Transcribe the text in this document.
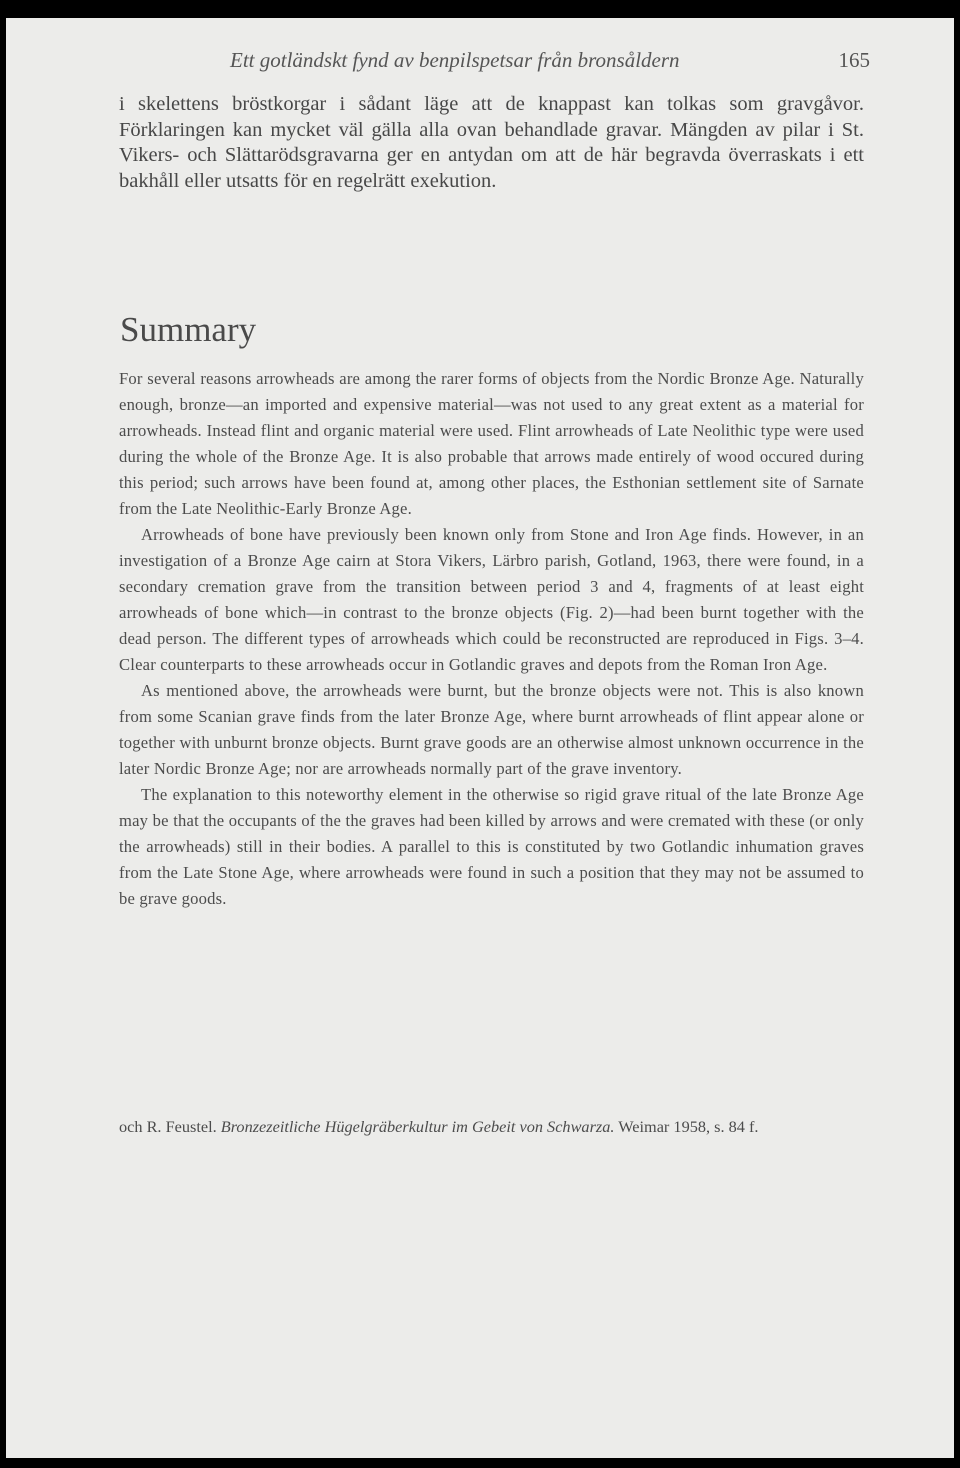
Ett gotländskt fynd av benpilspetsar från bronsåldern	165

i skelettens bröstkorgar i sådant läge att de knappast kan tolkas som gravgåvor. Förklaringen kan mycket väl gälla alla ovan behandlade gravar. Mängden av pilar i St. Vikers- och Slättarödsgravarna ger en antydan om att de här begravda överraskats i ett bakhåll eller utsatts för en regelrätt exekution.

Summary

For several reasons arrowheads are among the rarer forms of objects from the Nordic Bronze Age. Naturally enough, bronze—an imported and expensive material—was not used to any great extent as a material for arrowheads. Instead flint and organic material were used. Flint arrowheads of Late Neolithic type were used during the whole of the Bronze Age. It is also probable that arrows made entirely of wood occured during this period; such arrows have been found at, among other places, the Esthonian settlement site of Sarnate from the Late Neolithic-Early Bronze Age.

Arrowheads of bone have previously been known only from Stone and Iron Age finds. However, in an investigation of a Bronze Age cairn at Stora Vikers, Lärbro parish, Gotland, 1963, there were found, in a secondary cremation grave from the transition between period 3 and 4, fragments of at least eight arrowheads of bone which—in contrast to the bronze objects (Fig. 2)—had been burnt together with the dead person. The different types of arrowheads which could be reconstructed are reproduced in Figs. 3–4. Clear counterparts to these arrowheads occur in Gotlandic graves and depots from the Roman Iron Age.

As mentioned above, the arrowheads were burnt, but the bronze objects were not. This is also known from some Scanian grave finds from the later Bronze Age, where burnt arrowheads of flint appear alone or together with unburnt bronze objects. Burnt grave goods are an otherwise almost unknown occurrence in the later Nordic Bronze Age; nor are arrowheads normally part of the grave inventory.

The explanation to this noteworthy element in the otherwise so rigid grave ritual of the late Bronze Age may be that the occupants of the the graves had been killed by arrows and were cremated with these (or only the arrowheads) still in their bodies. A parallel to this is constituted by two Gotlandic inhumation graves from the Late Stone Age, where arrowheads were found in such a position that they may not be assumed to be grave goods.

och R. Feustel. Bronzezeitliche Hügelgräberkultur im Gebeit von Schwarza. Weimar 1958, s. 84 f.
